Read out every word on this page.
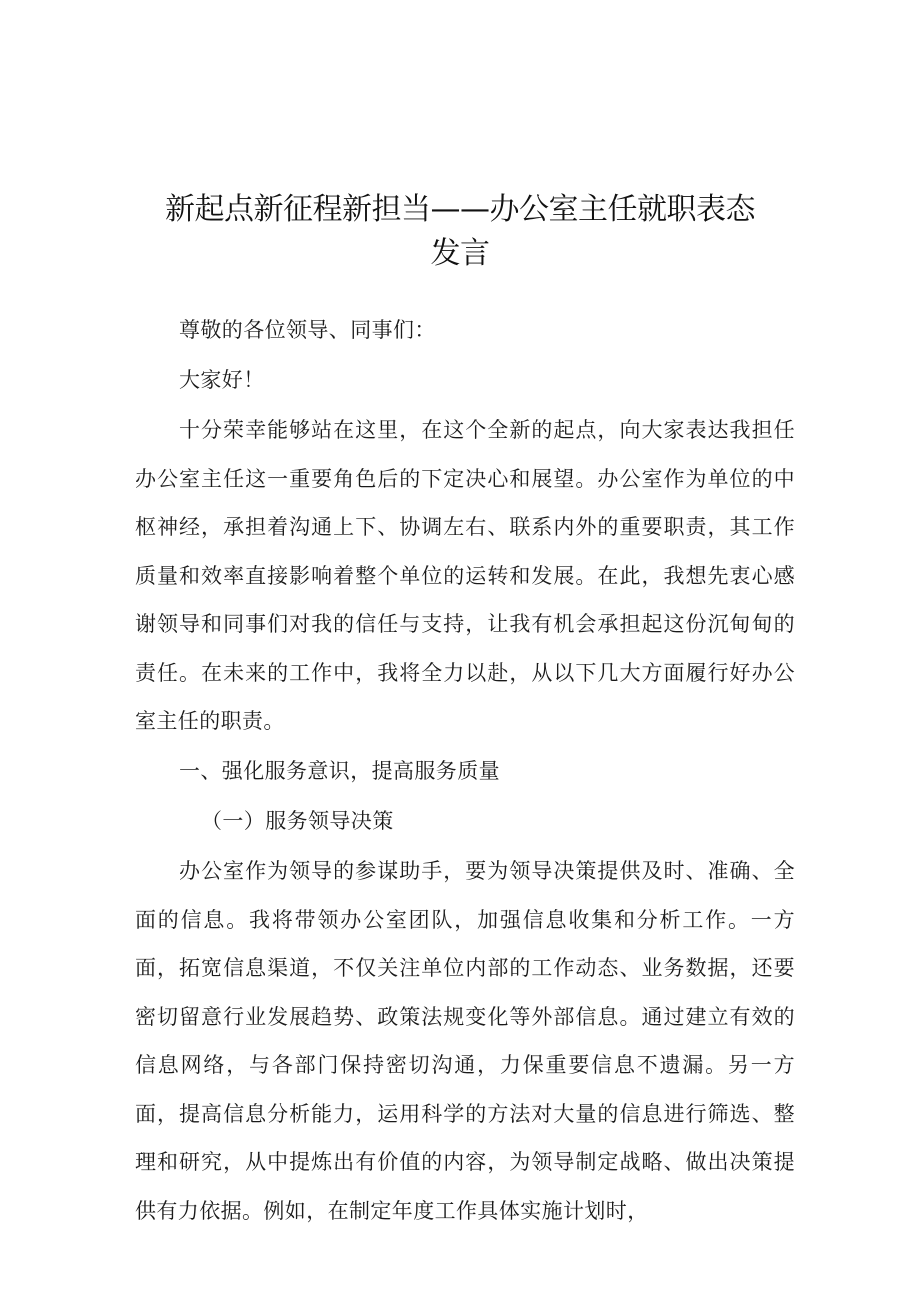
新起点新征程新担当——办公室主任就职表态
发言

尊敬的各位领导、同事们：

大家好！

十分荣幸能够站在这里，在这个全新的起点，向大家表达我担任办公室主任这一重要角色后的下定决心和展望。办公室作为单位的中枢神经，承担着沟通上下、协调左右、联系内外的重要职责，其工作质量和效率直接影响着整个单位的运转和发展。在此，我想先衷心感谢领导和同事们对我的信任与支持，让我有机会承担起这份沉甸甸的责任。在未来的工作中，我将全力以赴，从以下几大方面履行好办公室主任的职责。

一、强化服务意识，提高服务质量

（一）服务领导决策

办公室作为领导的参谋助手，要为领导决策提供及时、准确、全面的信息。我将带领办公室团队，加强信息收集和分析工作。一方面，拓宽信息渠道，不仅关注单位内部的工作动态、业务数据，还要密切留意行业发展趋势、政策法规变化等外部信息。通过建立有效的信息网络，与各部门保持密切沟通，力保重要信息不遗漏。另一方面，提高信息分析能力，运用科学的方法对大量的信息进行筛选、整理和研究，从中提炼出有价值的内容，为领导制定战略、做出决策提供有力依据。例如，在制定年度工作具体实施计划时，
